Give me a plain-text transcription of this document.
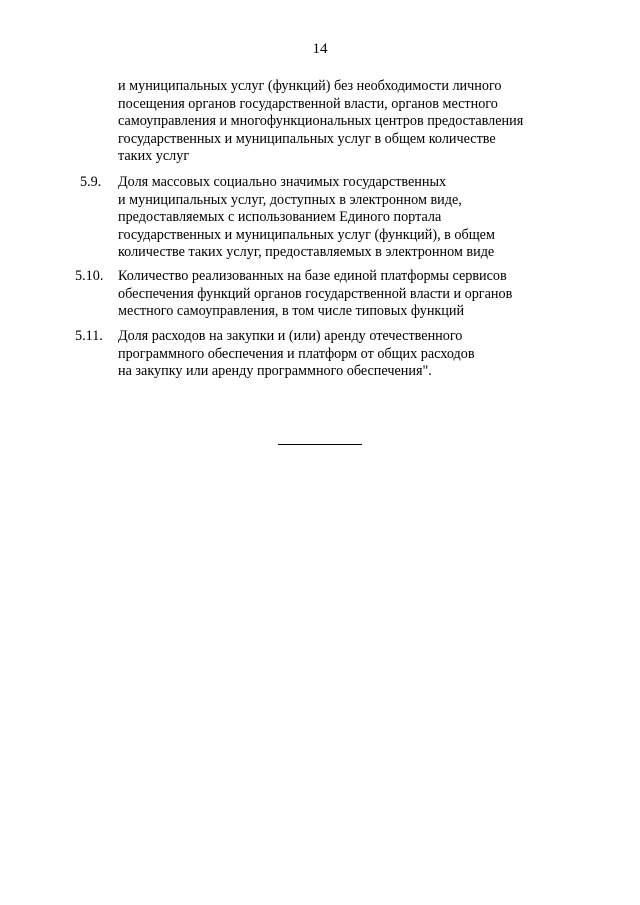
14
и муниципальных услуг (функций) без необходимости личного
посещения органов государственной власти, органов местного
самоуправления и многофункциональных центров предоставления
государственных и муниципальных услуг в общем количестве
таких услуг
5.9. Доля массовых социально значимых государственных
и муниципальных услуг, доступных в электронном виде,
предоставляемых с использованием Единого портала
государственных и муниципальных услуг (функций), в общем
количестве таких услуг, предоставляемых в электронном виде
5.10. Количество реализованных на базе единой платформы сервисов
обеспечения функций органов государственной власти и органов
местного самоуправления, в том числе типовых функций
5.11. Доля расходов на закупки и (или) аренду отечественного
программного обеспечения и платформ от общих расходов
на закупку или аренду программного обеспечения".
